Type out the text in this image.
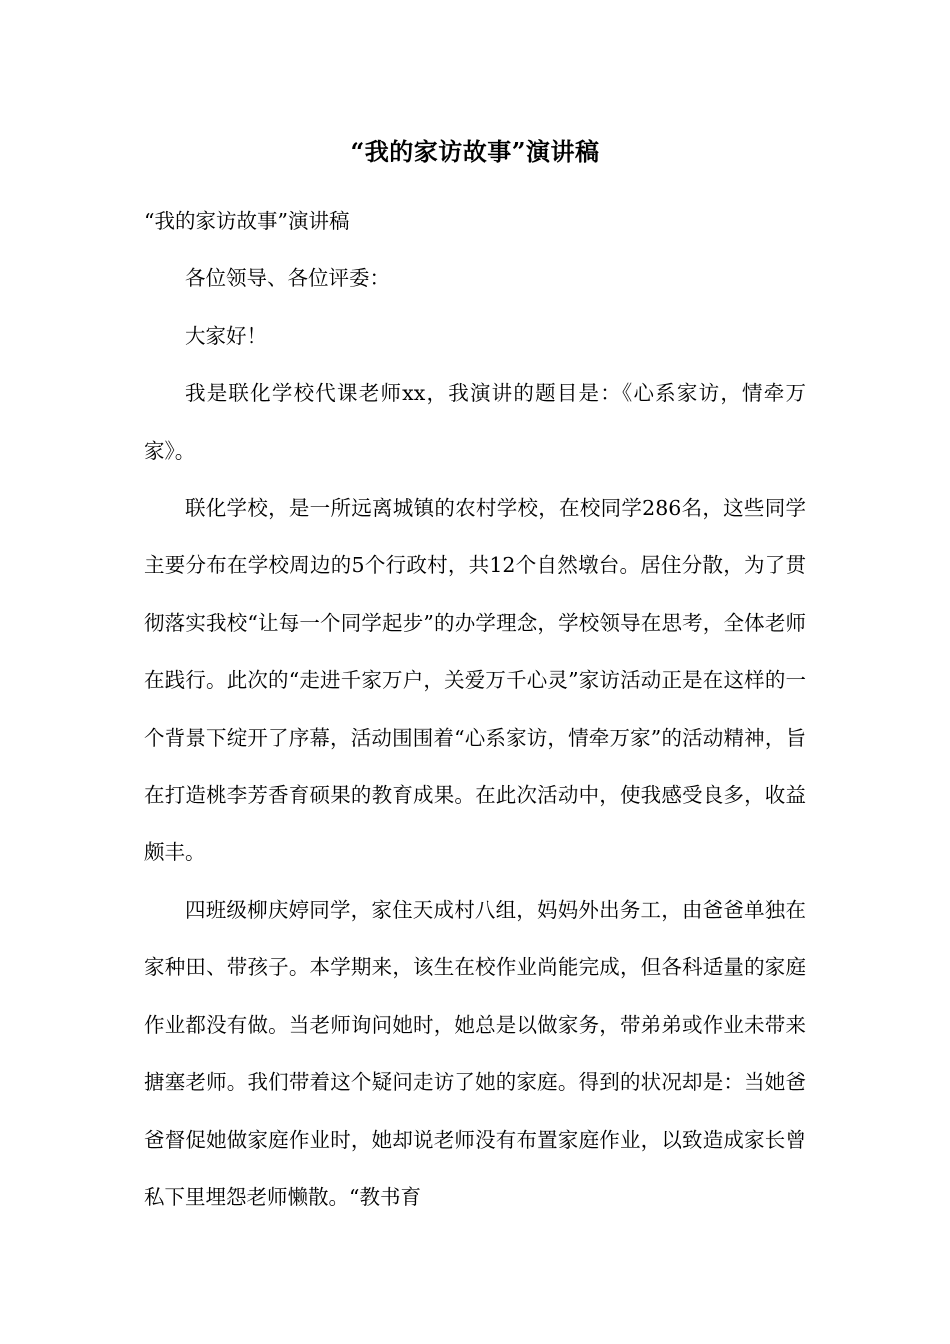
“我的家访故事”演讲稿

“我的家访故事”演讲稿

各位领导、各位评委：

大家好！

我是联化学校代课老师xx，我演讲的题目是：《心系家访，情牵万家》。

联化学校，是一所远离城镇的农村学校，在校同学286名，这些同学主要分布在学校周边的5个行政村，共12个自然墩台。居住分散，为了贯彻落实我校“让每一个同学起步”的办学理念，学校领导在思考，全体老师在践行。此次的“走进千家万户，关爱万千心灵”家访活动正是在这样的一个背景下绽开了序幕，活动围围着“心系家访，情牵万家”的活动精神，旨在打造桃李芳香育硕果的教育成果。在此次活动中，使我感受良多，收益颇丰。

四班级柳庆婷同学，家住天成村八组，妈妈外出务工，由爸爸单独在家种田、带孩子。本学期来，该生在校作业尚能完成，但各科适量的家庭作业都没有做。当老师询问她时，她总是以做家务，带弟弟或作业未带来搪塞老师。我们带着这个疑问走访了她的家庭。得到的状况却是：当她爸爸督促她做家庭作业时，她却说老师没有布置家庭作业，以致造成家长曾私下里埋怨老师懒散。“教书育
